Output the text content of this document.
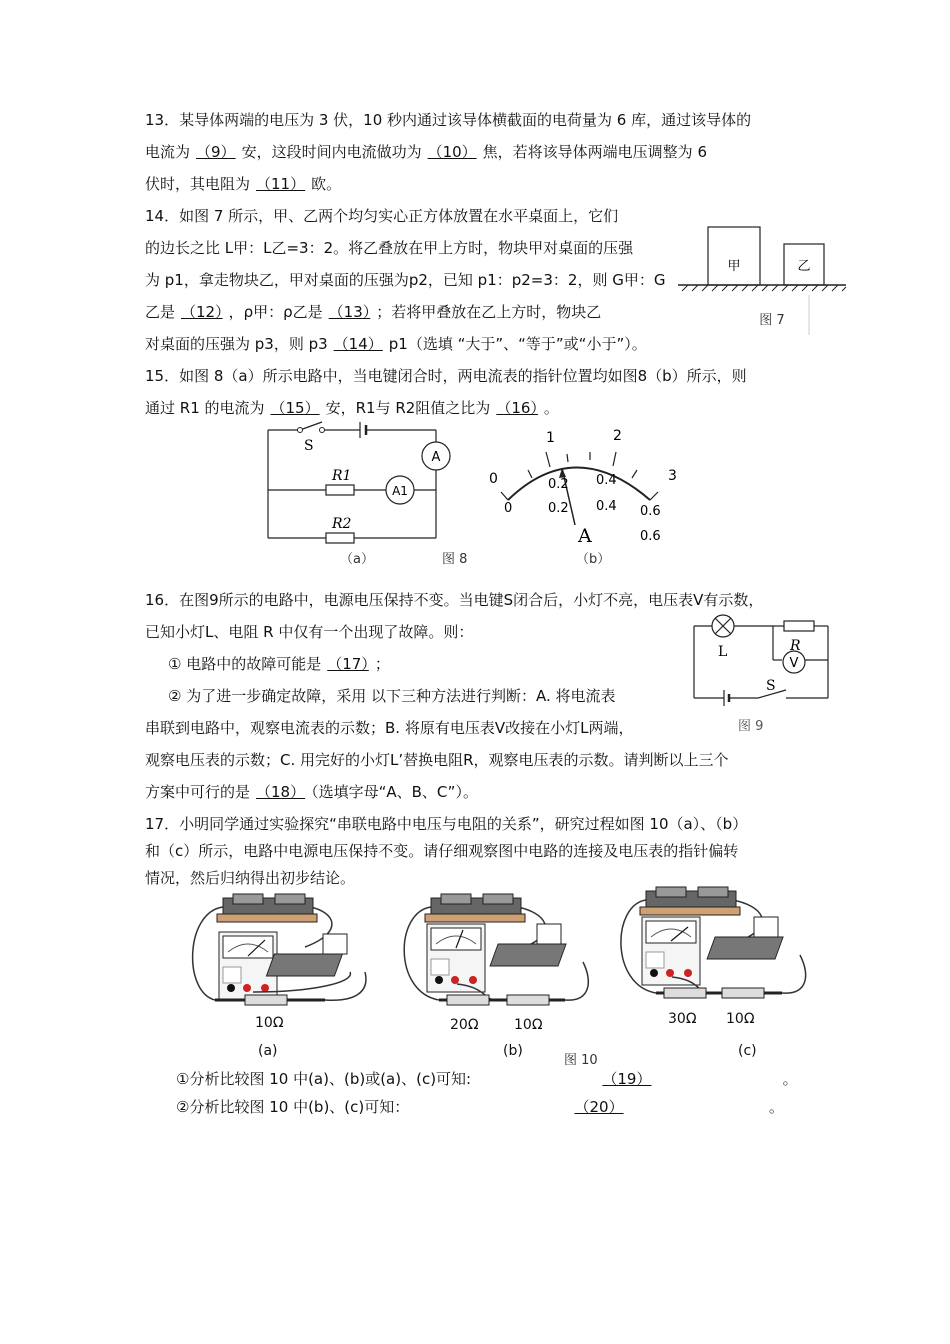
13．某导体两端的电压为 3 伏，10 秒内通过该导体横截面的电荷量为 6 库，通过该导体的
电流为 （9） 安，这段时间内电流做功为 （10） 焦，若将该导体两端电压调整为 6
伏时，其电阻为 （11） 欧。
14．如图 7 所示，甲、乙两个均匀实心正方体放置在水平桌面上，它们
的边长之比 L甲：L乙=3：2。将乙叠放在甲上方时，物块甲对桌面的压强
为 p1，拿走物块乙，甲对桌面的压强为p2，已知 p1：p2=3：2，则 G甲：G
乙是 （12） ，ρ甲：ρ乙是 （13） ；若将甲叠放在乙上方时，物块乙
对桌面的压强为 p3，则 p3 （14） p1（选填 “大于”、“等于”或“小于”）。
甲	乙
图 7
15．如图 8（a）所示电路中，当电键闭合时，两电流表的指针位置均如图8（b）所示，则
通过 R1 的电流为 （15） 安，R1与 R2阻值之比为 （16） 。
S
A
A1
R1
R2
（a）	图 8
0
1	2
3
0
0.2 0.4
0.2 0.4 0.6
0.6
A
（b）
16．在图9所示的电路中，电源电压保持不变。当电键S闭合后，小灯不亮，电压表V有示数，
已知小灯L、电阻 R 中仅有一个出现了故障。则：
① 电路中的故障可能是 （17） ；
② 为了进一步确定故障，采用 以下三种方法进行判断：A. 将电流表
串联到电路中，观察电流表的示数；B. 将原有电压表V改接在小灯L两端，
观察电压表的示数；C. 用完好的小灯L’替换电阻R，观察电压表的示数。请判断以上三个
方案中可行的是 （18） （选填字母“A、B、C”）。
L	R
V
S
图 9
17．小明同学通过实验探究“串联电路中电压与电阻的关系”，研究过程如图 10（a）、（b）
和（c）所示，电路中电源电压保持不变。请仔细观察图中电路的连接及电压表的指针偏转
情况，然后归纳得出初步结论。
10Ω
(a)
20Ω	10Ω
(b)
图 10
30Ω 10Ω
(c)
①分析比较图 10 中(a)、(b)或(a)、(c)可知:	（19）	。
②分析比较图 10 中(b)、(c)可知：	（20）	。
